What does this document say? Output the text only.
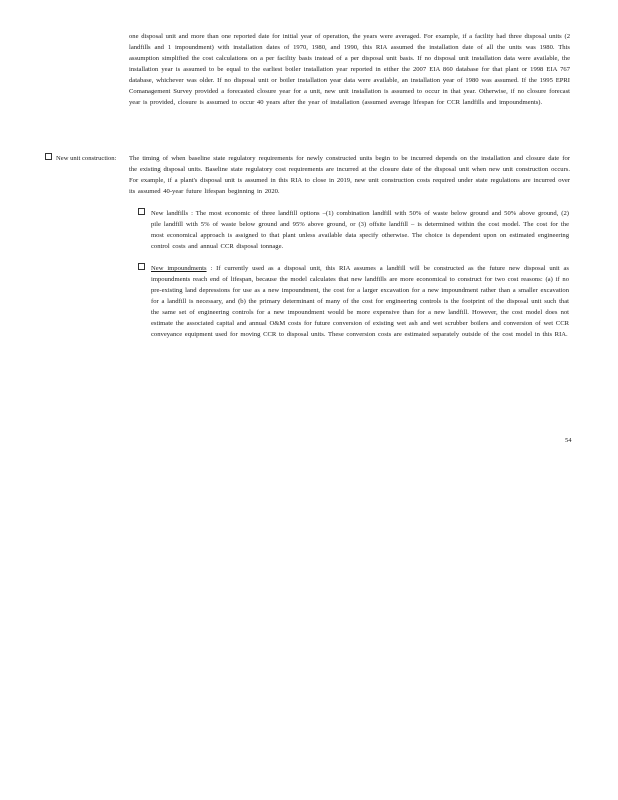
one disposal unit and more than one reported date for initial year of operation, the years were averaged. For example, if a facility had three disposal units (2 landfills and 1 impoundment) with installation dates of 1970, 1980, and 1990, this RIA assumed the installation date of all the units was 1980. This assumption simplified the cost calculations on a per facility basis instead of a per disposal unit basis. If no disposal unit installation data were available, the installation year is assumed to be equal to the earliest boiler installation year reported in either the 2007 EIA 860 database for that plant or 1998 EIA 767 database, whichever was older. If no disposal unit or boiler installation year data were available, an installation year of 1980 was assumed. If the 1995 EPRI Comanagement Survey provided a forecasted closure year for a unit, new unit installation is assumed to occur in that year. Otherwise, if no closure forecast year is provided, closure is assumed to occur 40 years after the year of installation (assumed average lifespan for CCR landfills and impoundments).
New unit construction: The timing of when baseline state regulatory requirements for newly constructed units begin to be incurred depends on the installation and closure date for the existing disposal units. Baseline state regulatory cost requirements are incurred at the closure date of the disposal unit when new unit construction occurs. For example, if a plant's disposal unit is assumed in this RIA to close in 2019, new unit construction costs required under state regulations are incurred over its assumed 40-year future lifespan beginning in 2020.
New landfills : The most economic of three landfill options –(1) combination landfill with 50% of waste below ground and 50% above ground, (2) pile landfill with 5% of waste below ground and 95% above ground, or (3) offsite landfill – is determined within the cost model. The cost for the most economical approach is assigned to that plant unless available data specify otherwise. The choice is dependent upon on estimated engineering control costs and annual CCR disposal tonnage.
New impoundments : If currently used as a disposal unit, this RIA assumes a landfill will be constructed as the future new disposal unit as impoundments reach end of lifespan, because the model calculates that new landfills are more economical to construct for two cost reasons: (a) if no pre-existing land depressions for use as a new impoundment, the cost for a larger excavation for a new impoundment rather than a smaller excavation for a landfill is necessary, and (b) the primary determinant of many of the cost for engineering controls is the footprint of the disposal unit such that the same set of engineering controls for a new impoundment would be more expensive than for a new landfill. However, the cost model does not estimate the associated capital and annual O&M costs for future conversion of existing wet ash and wet scrubber boilers and conversion of wet CCR conveyance equipment used for moving CCR to disposal units. These conversion costs are estimated separately outside of the cost model in this RIA.
54
